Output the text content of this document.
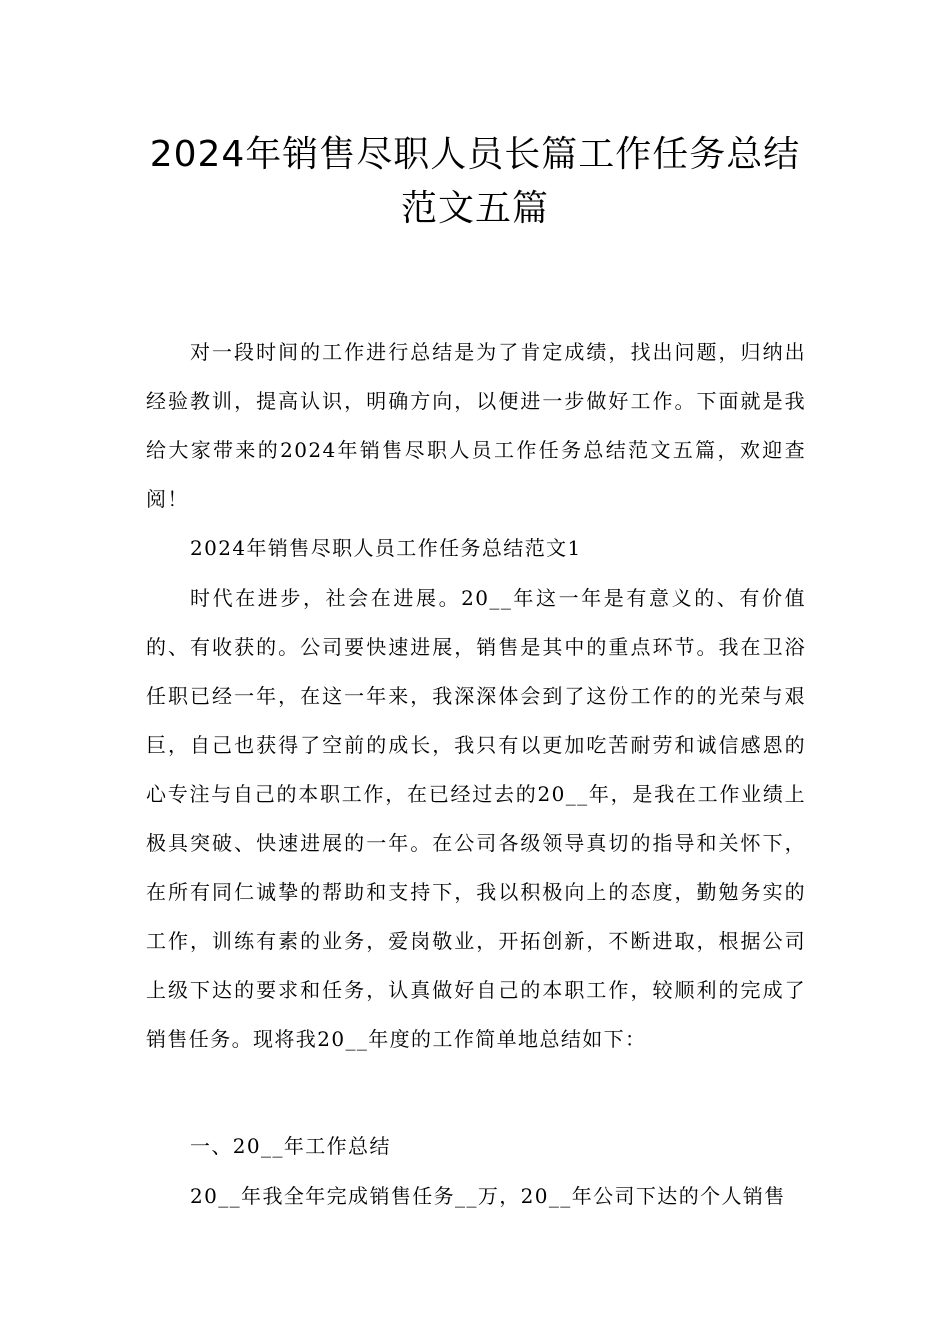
2024年销售尽职人员长篇工作任务总结
范文五篇

对一段时间的工作进行总结是为了肯定成绩，找出问题，归纳出经验教训，提高认识，明确方向，以便进一步做好工作。下面就是我给大家带来的2024年销售尽职人员工作任务总结范文五篇，欢迎查阅！

2024年销售尽职人员工作任务总结范文1

时代在进步，社会在进展。20__年这一年是有意义的、有价值的、有收获的。公司要快速进展，销售是其中的重点环节。我在卫浴任职已经一年，在这一年来，我深深体会到了这份工作的的光荣与艰巨，自己也获得了空前的成长，我只有以更加吃苦耐劳和诚信感恩的心专注与自己的本职工作，在已经过去的20__年，是我在工作业绩上极具突破、快速进展的一年。在公司各级领导真切的指导和关怀下，在所有同仁诚挚的帮助和支持下，我以积极向上的态度，勤勉务实的工作，训练有素的业务，爱岗敬业，开拓创新，不断进取，根据公司上级下达的要求和任务，认真做好自己的本职工作，较顺利的完成了销售任务。现将我20__年度的工作简单地总结如下：

一、20__年工作总结

20__年我全年完成销售任务__万，20__年公司下达的个人销售
